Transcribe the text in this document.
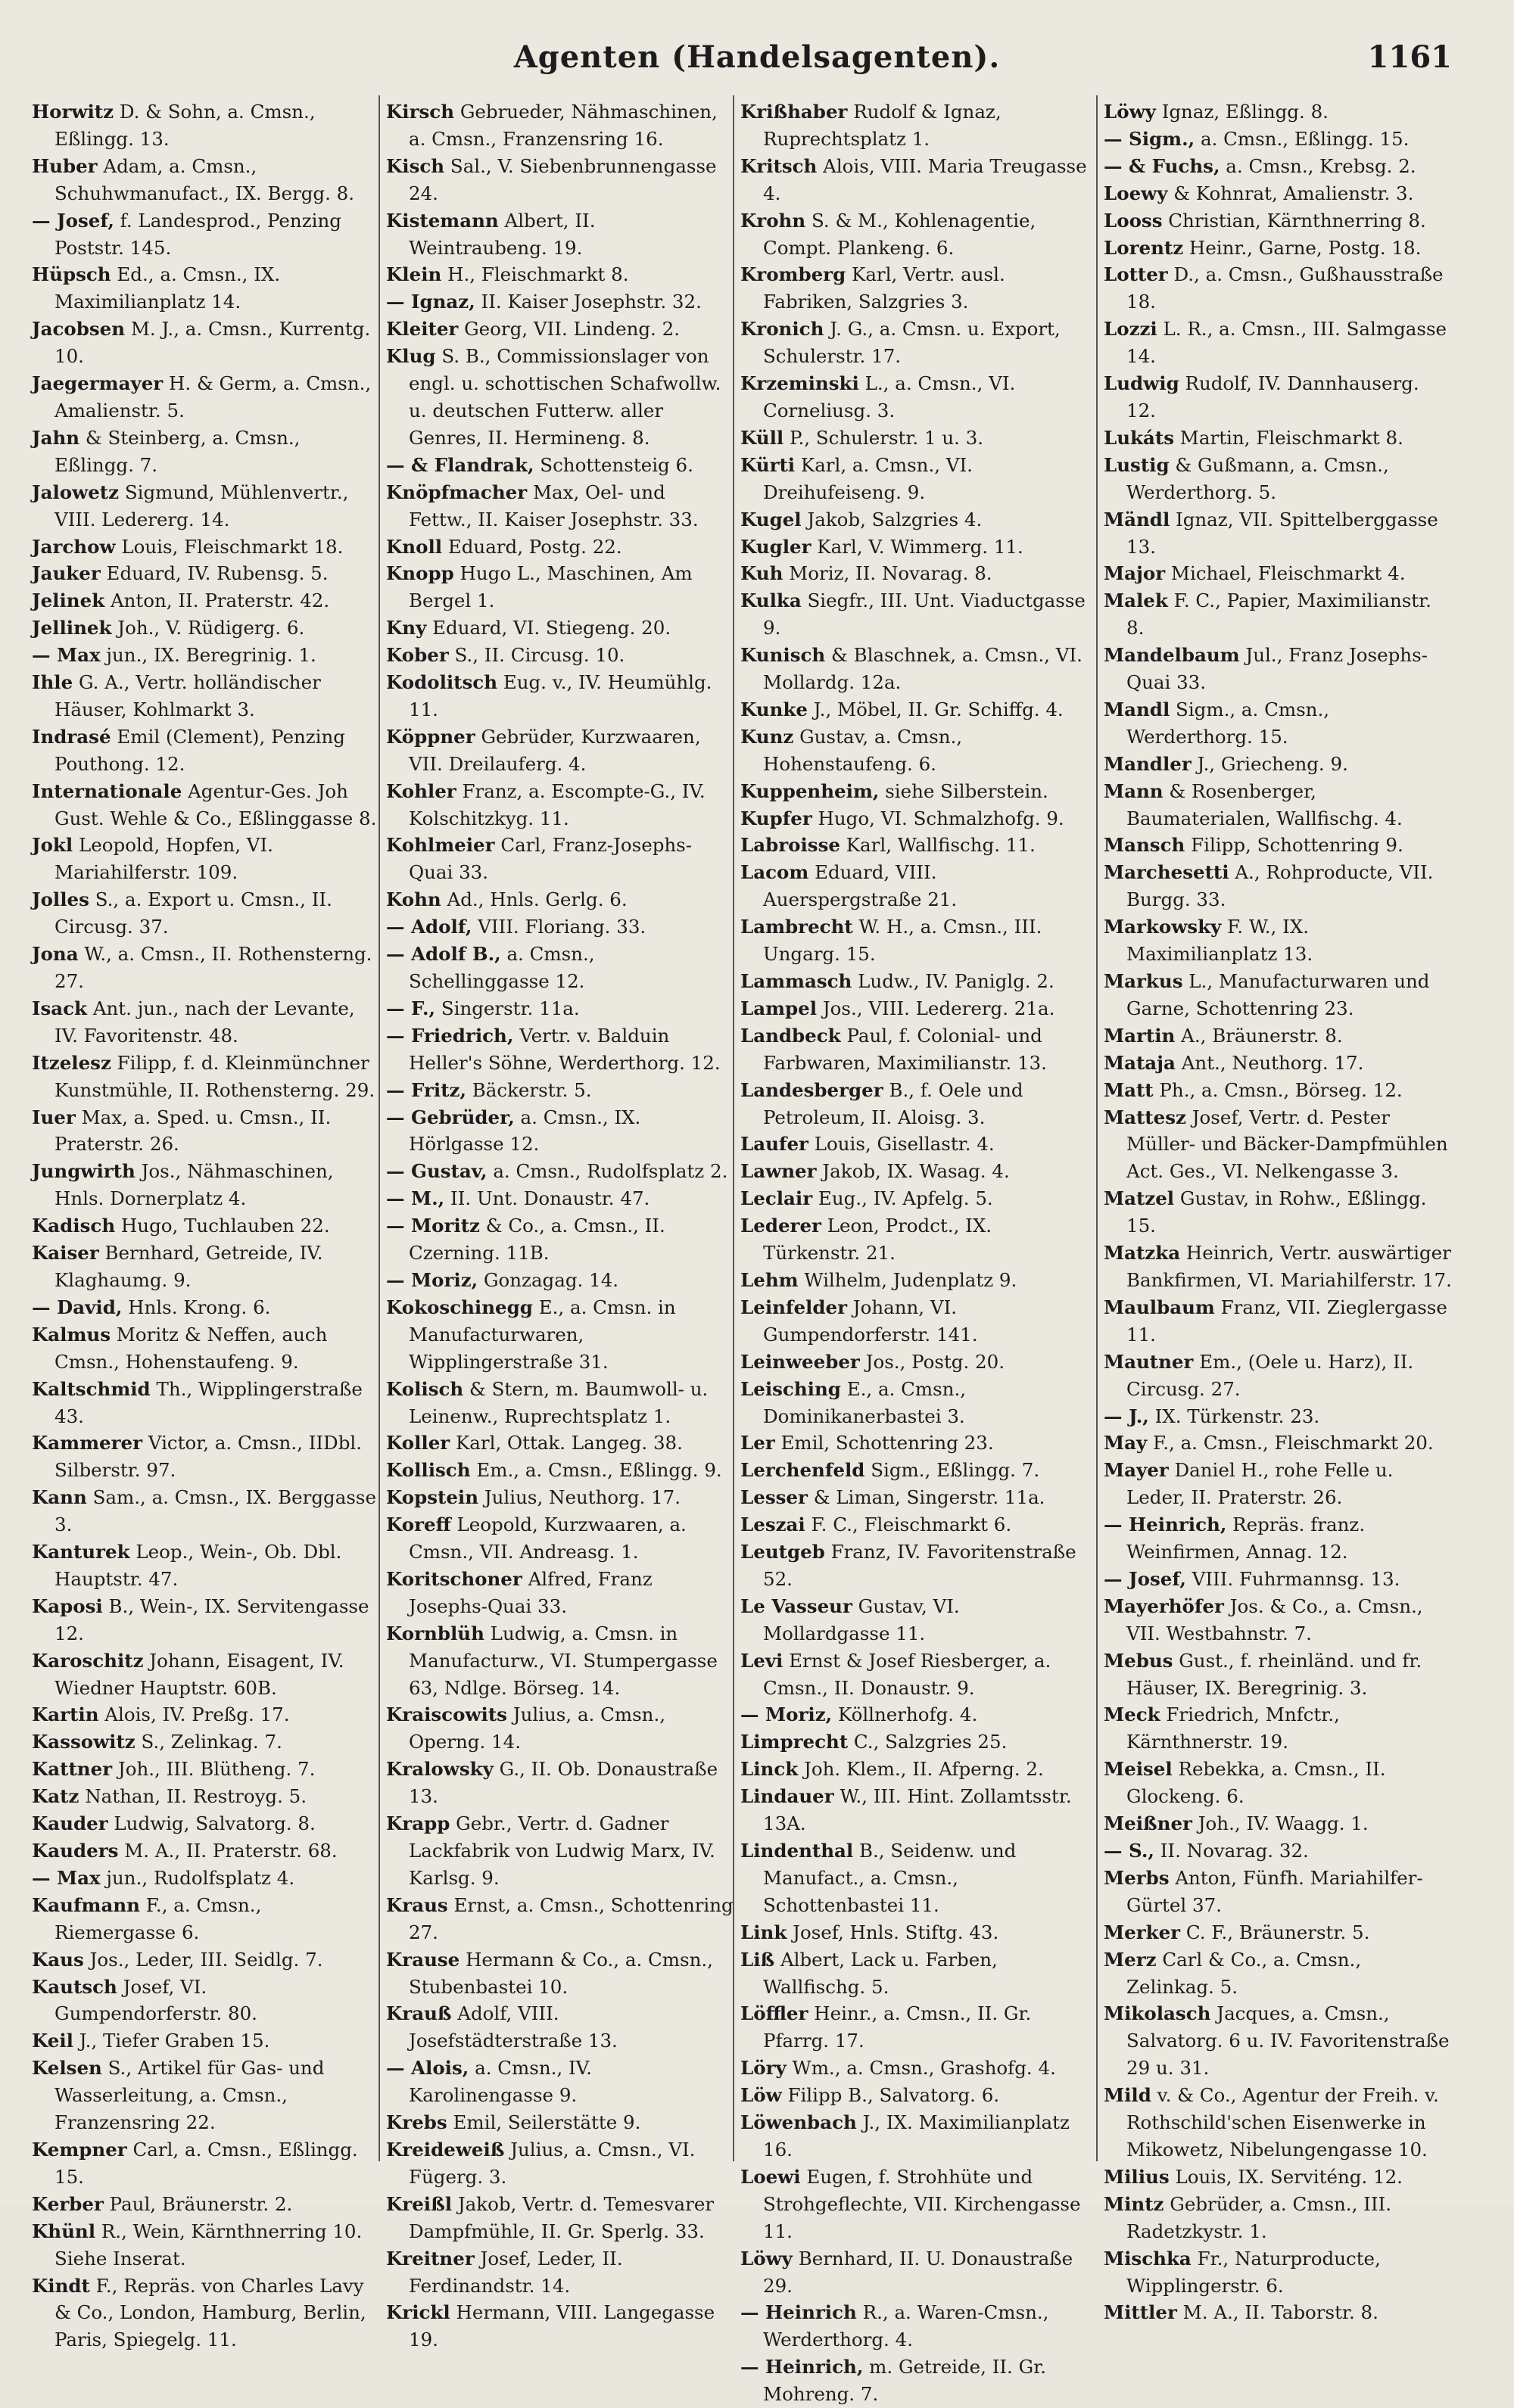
Agenten (Handelsagenten).	1161

Horwitz D. & Sohn, a. Cmsn., Eßlingg. 13.

Huber Adam, a. Cmsn., Schuhwmanufact., IX. Bergg. 8.

— Josef, f. Landesprod., Penzing Poststr. 145.

Hüpsch Ed., a. Cmsn., IX. Maximilianplatz 14.

Jacobsen M. J., a. Cmsn., Kurrentg. 10.

Jaegermayer H. & Germ, a. Cmsn., Amalienstr. 5.

Jahn & Steinberg, a. Cmsn., Eßlingg. 7.

Jalowetz Sigmund, Mühlenvertr., VIII. Ledererg. 14.

Jarchow Louis, Fleischmarkt 18.

Jauker Eduard, IV. Rubensg. 5.

Jelinek Anton, II. Praterstr. 42.

Jellinek Joh., V. Rüdigerg. 6.

— Max jun., IX. Beregrinig. 1.

Ihle G. A., Vertr. holländischer Häuser, Kohlmarkt 3.

Indrasé Emil (Clement), Penzing Pouthong. 12.

Internationale Agentur-Ges. Joh Gust. Wehle & Co., Eßlinggasse 8.

Jokl Leopold, Hopfen, VI. Mariahilferstr. 109.

Jolles S., a. Export u. Cmsn., II. Circusg. 37.

Jona W., a. Cmsn., II. Rothensterng. 27.

Isack Ant. jun., nach der Levante, IV. Favoritenstr. 48.

Itzelesz Filipp, f. d. Kleinmünchner Kunstmühle, II. Rothensterng. 29.

Iuer Max, a. Sped. u. Cmsn., II. Praterstr. 26.

Jungwirth Jos., Nähmaschinen, Hnls. Dornerplatz 4.

Kadisch Hugo, Tuchlauben 22.

Kaiser Bernhard, Getreide, IV. Klaghaumg. 9.

— David, Hnls. Krong. 6.

Kalmus Moritz & Neffen, auch Cmsn., Hohenstaufeng. 9.

Kaltschmid Th., Wipplingerstraße 43.

Kammerer Victor, a. Cmsn., IIDbl. Silberstr. 97.

Kann Sam., a. Cmsn., IX. Berggasse 3.

Kanturek Leop., Wein-, Ob. Dbl. Hauptstr. 47.

Kaposi B., Wein-, IX. Servitengasse 12.

Karoschitz Johann, Eisagent, IV. Wiedner Hauptstr. 60B.

Kartin Alois, IV. Preßg. 17.

Kassowitz S., Zelinkag. 7.

Kattner Joh., III. Blütheng. 7.

Katz Nathan, II. Restroyg. 5.

Kauder Ludwig, Salvatorg. 8.

Kauders M. A., II. Praterstr. 68.

— Max jun., Rudolfsplatz 4.

Kaufmann F., a. Cmsn., Riemergasse 6.

Kaus Jos., Leder, III. Seidlg. 7.

Kautsch Josef, VI. Gumpendorferstr. 80.

Keil J., Tiefer Graben 15.

Kelsen S., Artikel für Gas- und Wasserleitung, a. Cmsn., Franzensring 22.

Kempner Carl, a. Cmsn., Eßlingg. 15.

Kerber Paul, Bräunerstr. 2.

Khünl R., Wein, Kärnthnerring 10. Siehe Inserat.

Kindt F., Repräs. von Charles Lavy & Co., London, Hamburg, Berlin, Paris, Spiegelg. 11.

Kirsch Gebrueder, Nähmaschinen, a. Cmsn., Franzensring 16.

Kisch Sal., V. Siebenbrunnengasse 24.

Kistemann Albert, II. Weintraubeng. 19.

Klein H., Fleischmarkt 8.

— Ignaz, II. Kaiser Josephstr. 32.

Kleiter Georg, VII. Lindeng. 2.

Klug S. B., Commissionslager von engl. u. schottischen Schafwollw. u. deutschen Futterw. aller Genres, II. Hermineng. 8.

— & Flandrak, Schottensteig 6.

Knöpfmacher Max, Oel- und Fettw., II. Kaiser Josephstr. 33.

Knoll Eduard, Postg. 22.

Knopp Hugo L., Maschinen, Am Bergel 1.

Kny Eduard, VI. Stiegeng. 20.

Kober S., II. Circusg. 10.

Kodolitsch Eug. v., IV. Heumühlg. 11.

Köppner Gebrüder, Kurzwaaren, VII. Dreilauferg. 4.

Kohler Franz, a. Escompte-G., IV. Kolschitzkyg. 11.

Kohlmeier Carl, Franz-Josephs-Quai 33.

Kohn Ad., Hnls. Gerlg. 6.

— Adolf, VIII. Floriang. 33.

— Adolf B., a. Cmsn., Schellinggasse 12.

— F., Singerstr. 11a.

— Friedrich, Vertr. v. Balduin Heller's Söhne, Werderthorg. 12.

— Fritz, Bäckerstr. 5.

— Gebrüder, a. Cmsn., IX. Hörlgasse 12.

— Gustav, a. Cmsn., Rudolfsplatz 2.

— M., II. Unt. Donaustr. 47.

— Moritz & Co., a. Cmsn., II. Czerning. 11B.

— Moriz, Gonzagag. 14.

Kokoschinegg E., a. Cmsn. in Manufacturwaren, Wipplingerstraße 31.

Kolisch & Stern, m. Baumwoll- u. Leinenw., Ruprechtsplatz 1.

Koller Karl, Ottak. Langeg. 38.

Kollisch Em., a. Cmsn., Eßlingg. 9.

Kopstein Julius, Neuthorg. 17.

Koreff Leopold, Kurzwaaren, a. Cmsn., VII. Andreasg. 1.

Koritschoner Alfred, Franz Josephs-Quai 33.

Kornblüh Ludwig, a. Cmsn. in Manufacturw., VI. Stumpergasse 63, Ndlge. Börseg. 14.

Kraiscowits Julius, a. Cmsn., Operng. 14.

Kralowsky G., II. Ob. Donaustraße 13.

Krapp Gebr., Vertr. d. Gadner Lackfabrik von Ludwig Marx, IV. Karlsg. 9.

Kraus Ernst, a. Cmsn., Schottenring 27.

Krause Hermann & Co., a. Cmsn., Stubenbastei 10.

Krauß Adolf, VIII. Josefstädterstraße 13.

— Alois, a. Cmsn., IV. Karolinengasse 9.

Krebs Emil, Seilerstätte 9.

Kreideweiß Julius, a. Cmsn., VI. Fügerg. 3.

Kreißl Jakob, Vertr. d. Temesvarer Dampfmühle, II. Gr. Sperlg. 33.

Kreitner Josef, Leder, II. Ferdinandstr. 14.

Krickl Hermann, VIII. Langegasse 19.

Krißhaber Rudolf & Ignaz, Ruprechtsplatz 1.

Kritsch Alois, VIII. Maria Treugasse 4.

Krohn S. & M., Kohlenagentie, Compt. Plankeng. 6.

Kromberg Karl, Vertr. ausl. Fabriken, Salzgries 3.

Kronich J. G., a. Cmsn. u. Export, Schulerstr. 17.

Krzeminski L., a. Cmsn., VI. Corneliusg. 3.

Küll P., Schulerstr. 1 u. 3.

Kürti Karl, a. Cmsn., VI. Dreihufeiseng. 9.

Kugel Jakob, Salzgries 4.

Kugler Karl, V. Wimmerg. 11.

Kuh Moriz, II. Novarag. 8.

Kulka Siegfr., III. Unt. Viaductgasse 9.

Kunisch & Blaschnek, a. Cmsn., VI. Mollardg. 12a.

Kunke J., Möbel, II. Gr. Schiffg. 4.

Kunz Gustav, a. Cmsn., Hohenstaufeng. 6.

Kuppenheim, siehe Silberstein.

Kupfer Hugo, VI. Schmalzhofg. 9.

Labroisse Karl, Wallfischg. 11.

Lacom Eduard, VIII. Auerspergstraße 21.

Lambrecht W. H., a. Cmsn., III. Ungarg. 15.

Lammasch Ludw., IV. Paniglg. 2.

Lampel Jos., VIII. Ledererg. 21a.

Landbeck Paul, f. Colonial- und Farbwaren, Maximilianstr. 13.

Landesberger B., f. Oele und Petroleum, II. Aloisg. 3.

Laufer Louis, Gisellastr. 4.

Lawner Jakob, IX. Wasag. 4.

Leclair Eug., IV. Apfelg. 5.

Lederer Leon, Prodct., IX. Türkenstr. 21.

Lehm Wilhelm, Judenplatz 9.

Leinfelder Johann, VI. Gumpendorferstr. 141.

Leinweeber Jos., Postg. 20.

Leisching E., a. Cmsn., Dominikanerbastei 3.

Ler Emil, Schottenring 23.

Lerchenfeld Sigm., Eßlingg. 7.

Lesser & Liman, Singerstr. 11a.

Leszai F. C., Fleischmarkt 6.

Leutgeb Franz, IV. Favoritenstraße 52.

Le Vasseur Gustav, VI. Mollardgasse 11.

Levi Ernst & Josef Riesberger, a. Cmsn., II. Donaustr. 9.

— Moriz, Köllnerhofg. 4.

Limprecht C., Salzgries 25.

Linck Joh. Klem., II. Afperng. 2.

Lindauer W., III. Hint. Zollamtsstr. 13A.

Lindenthal B., Seidenw. und Manufact., a. Cmsn., Schottenbastei 11.

Link Josef, Hnls. Stiftg. 43.

Liß Albert, Lack u. Farben, Wallfischg. 5.

Löffler Heinr., a. Cmsn., II. Gr. Pfarrg. 17.

Löry Wm., a. Cmsn., Grashofg. 4.

Löw Filipp B., Salvatorg. 6.

Löwenbach J., IX. Maximilianplatz 16.

Loewi Eugen, f. Strohhüte und Strohgeflechte, VII. Kirchengasse 11.

Löwy Bernhard, II. U. Donaustraße 29.

— Heinrich R., a. Waren-Cmsn., Werderthorg. 4.

— Heinrich, m. Getreide, II. Gr. Mohreng. 7.

Löwy Ignaz, Eßlingg. 8.

— Sigm., a. Cmsn., Eßlingg. 15.

— & Fuchs, a. Cmsn., Krebsg. 2.

Loewy & Kohnrat, Amalienstr. 3.

Looss Christian, Kärnthnerring 8.

Lorentz Heinr., Garne, Postg. 18.

Lotter D., a. Cmsn., Gußhausstraße 18.

Lozzi L. R., a. Cmsn., III. Salmgasse 14.

Ludwig Rudolf, IV. Dannhauserg. 12.

Lukáts Martin, Fleischmarkt 8.

Lustig & Gußmann, a. Cmsn., Werderthorg. 5.

Mändl Ignaz, VII. Spittelberggasse 13.

Major Michael, Fleischmarkt 4.

Malek F. C., Papier, Maximilianstr. 8.

Mandelbaum Jul., Franz Josephs-Quai 33.

Mandl Sigm., a. Cmsn., Werderthorg. 15.

Mandler J., Griecheng. 9.

Mann & Rosenberger, Baumaterialen, Wallfischg. 4.

Mansch Filipp, Schottenring 9.

Marchesetti A., Rohproducte, VII. Burgg. 33.

Markowsky F. W., IX. Maximilianplatz 13.

Markus L., Manufacturwaren und Garne, Schottenring 23.

Martin A., Bräunerstr. 8.

Mataja Ant., Neuthorg. 17.

Matt Ph., a. Cmsn., Börseg. 12.

Mattesz Josef, Vertr. d. Pester Müller- und Bäcker-Dampfmühlen Act. Ges., VI. Nelkengasse 3.

Matzel Gustav, in Rohw., Eßlingg. 15.

Matzka Heinrich, Vertr. auswärtiger Bankfirmen, VI. Mariahilferstr. 17.

Maulbaum Franz, VII. Zieglergasse 11.

Mautner Em., (Oele u. Harz), II. Circusg. 27.

— J., IX. Türkenstr. 23.

May F., a. Cmsn., Fleischmarkt 20.

Mayer Daniel H., rohe Felle u. Leder, II. Praterstr. 26.

— Heinrich, Repräs. franz. Weinfirmen, Annag. 12.

— Josef, VIII. Fuhrmannsg. 13.

Mayerhöfer Jos. & Co., a. Cmsn., VII. Westbahnstr. 7.

Mebus Gust., f. rheinländ. und fr. Häuser, IX. Beregrinig. 3.

Meck Friedrich, Mnfctr., Kärnthnerstr. 19.

Meisel Rebekka, a. Cmsn., II. Glockeng. 6.

Meißner Joh., IV. Waagg. 1.

— S., II. Novarag. 32.

Merbs Anton, Fünfh. Mariahilfer-Gürtel 37.

Merker C. F., Bräunerstr. 5.

Merz Carl & Co., a. Cmsn., Zelinkag. 5.

Mikolasch Jacques, a. Cmsn., Salvatorg. 6 u. IV. Favoritenstraße 29 u. 31.

Mild v. & Co., Agentur der Freih. v. Rothschild'schen Eisenwerke in Mikowetz, Nibelungengasse 10.

Milius Louis, IX. Serviténg. 12.

Mintz Gebrüder, a. Cmsn., III. Radetzkystr. 1.

Mischka Fr., Naturproducte, Wipplingerstr. 6.

Mittler M. A., II. Taborstr. 8.
